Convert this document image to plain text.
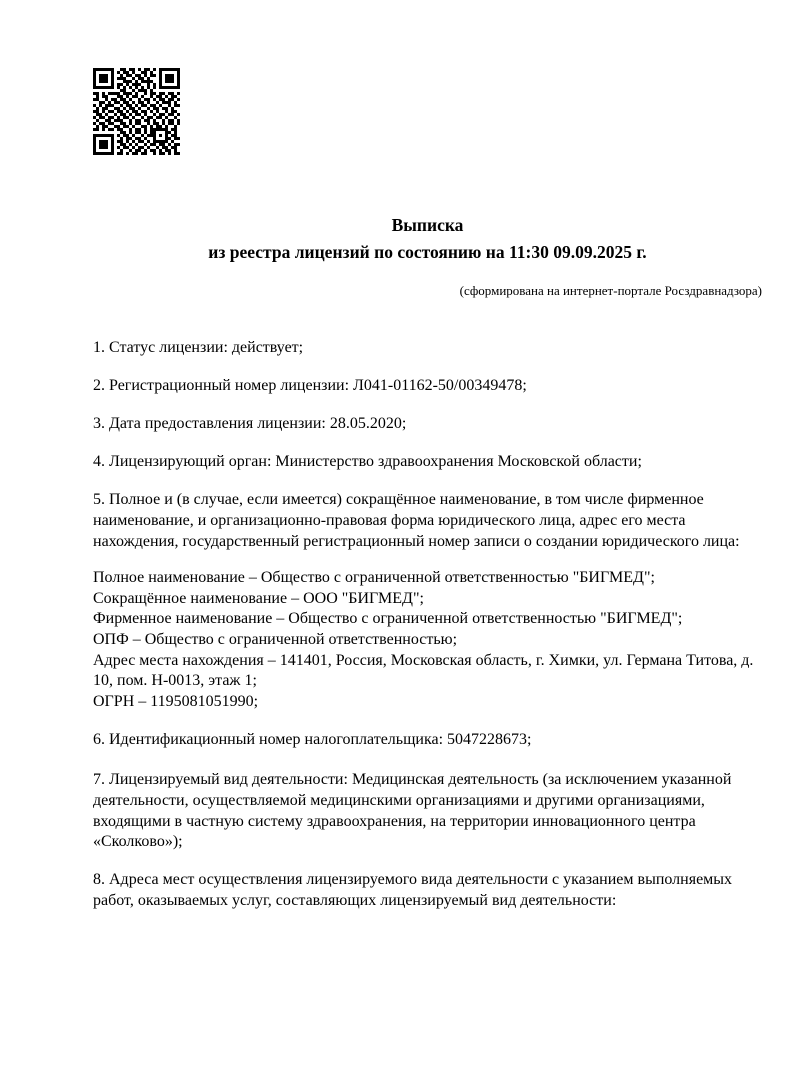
Выписка
из реестра лицензий по состоянию на 11:30 09.09.2025 г.
(сформирована на интернет-портале Росздравнадзора)
1. Статус лицензии: действует;
2. Регистрационный номер лицензии: Л041-01162-50/00349478;
3. Дата предоставления лицензии: 28.05.2020;
4. Лицензирующий орган: Министерство здравоохранения Московской области;
5. Полное и (в случае, если имеется) сокращённое наименование, в том числе фирменное наименование, и организационно-правовая форма юридического лица, адрес его места нахождения, государственный регистрационный номер записи о создании юридического лица:
Полное наименование – Общество с ограниченной ответственностью "БИГМЕД";
Сокращённое наименование – ООО "БИГМЕД";
Фирменное наименование – Общество с ограниченной ответственностью "БИГМЕД";
ОПФ – Общество с ограниченной ответственностью;
Адрес места нахождения – 141401, Россия, Московская область, г. Химки, ул. Германа Титова, д. 10, пом. Н-0013, этаж 1;
ОГРН – 1195081051990;
6. Идентификационный номер налогоплательщика: 5047228673;
7. Лицензируемый вид деятельности: Медицинская деятельность (за исключением указанной деятельности, осуществляемой медицинскими организациями и другими организациями, входящими в частную систему здравоохранения, на территории инновационного центра «Сколково»);
8. Адреса мест осуществления лицензируемого вида деятельности с указанием выполняемых работ, оказываемых услуг, составляющих лицензируемый вид деятельности:
